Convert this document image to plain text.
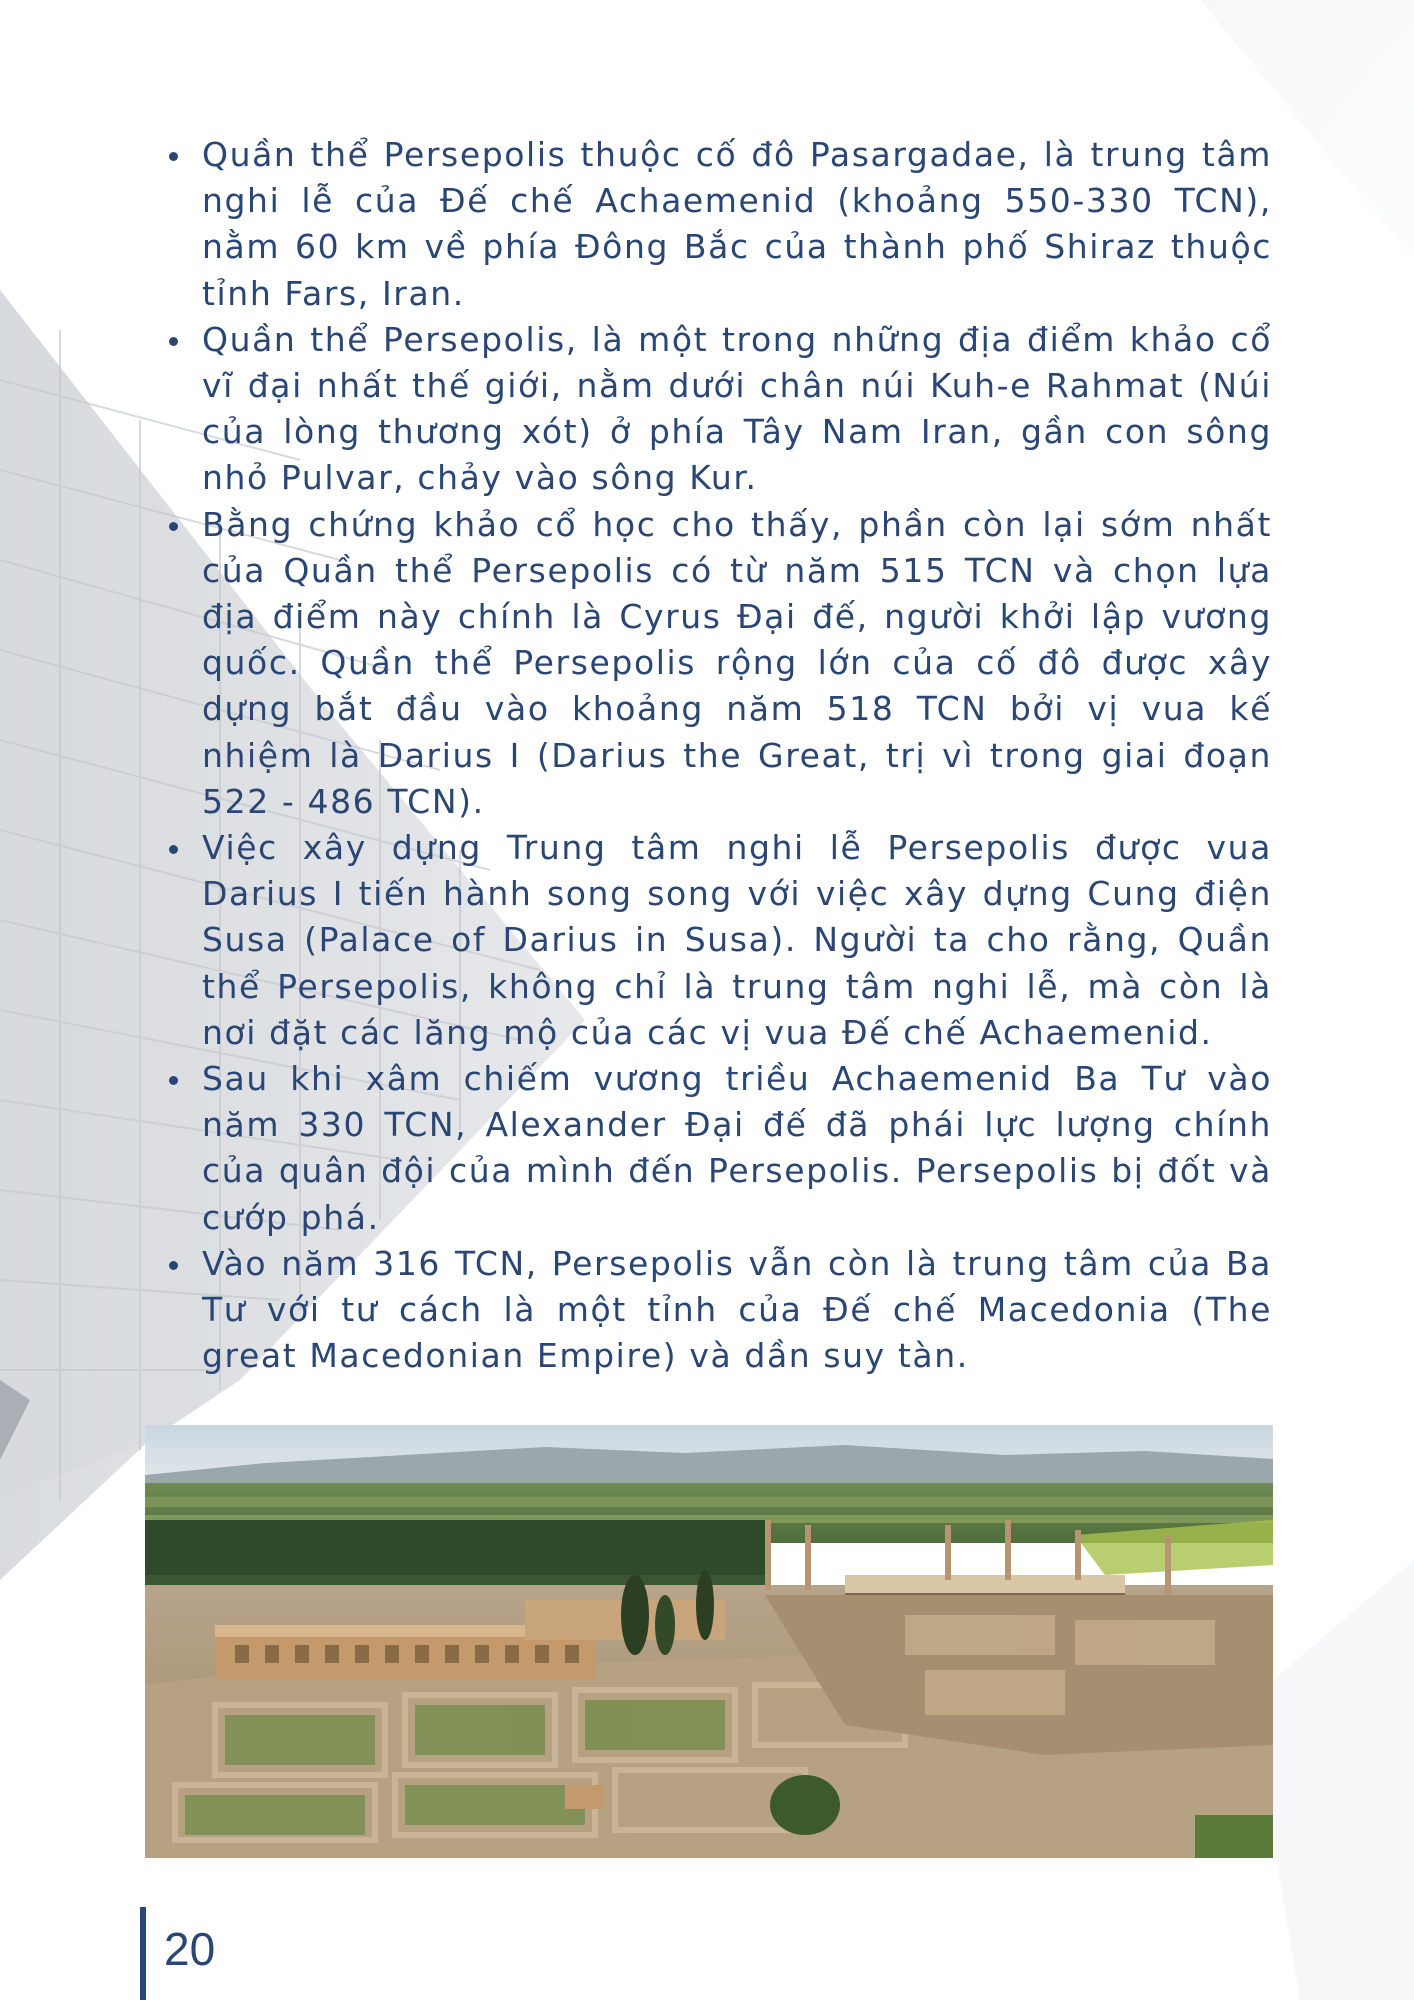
Quần thể Persepolis thuộc cố đô Pasargadae, là trung tâm nghi lễ của Đế chế Achaemenid (khoảng 550-330 TCN), nằm 60 km về phía Đông Bắc của thành phố Shiraz thuộc tỉnh Fars, Iran.
Quần thể Persepolis, là một trong những địa điểm khảo cổ vĩ đại nhất thế giới, nằm dưới chân núi Kuh-e Rahmat (Núi của lòng thương xót) ở phía Tây Nam Iran, gần con sông nhỏ Pulvar, chảy vào sông Kur.
Bằng chứng khảo cổ học cho thấy, phần còn lại sớm nhất của Quần thể Persepolis có từ năm 515 TCN và chọn lựa địa điểm này chính là Cyrus Đại đế, người khởi lập vương quốc. Quần thể Persepolis rộng lớn của cố đô được xây dựng bắt đầu vào khoảng năm 518 TCN bởi vị vua kế nhiệm là Darius I (Darius the Great, trị vì trong giai đoạn 522 - 486 TCN).
Việc xây dựng Trung tâm nghi lễ Persepolis được vua Darius I tiến hành song song với việc xây dựng Cung điện Susa (Palace of Darius in Susa). Người ta cho rằng, Quần thể Persepolis, không chỉ là trung tâm nghi lễ, mà còn là nơi đặt các lăng mộ của các vị vua Đế chế Achaemenid.
Sau khi xâm chiếm vương triều Achaemenid Ba Tư vào năm 330 TCN, Alexander Đại đế đã phái lực lượng chính của quân đội của mình đến Persepolis. Persepolis bị đốt và cướp phá.
Vào năm 316 TCN, Persepolis vẫn còn là trung tâm của Ba Tư với tư cách là một tỉnh của Đế chế Macedonia (The great Macedonian Empire) và dần suy tàn.
20
